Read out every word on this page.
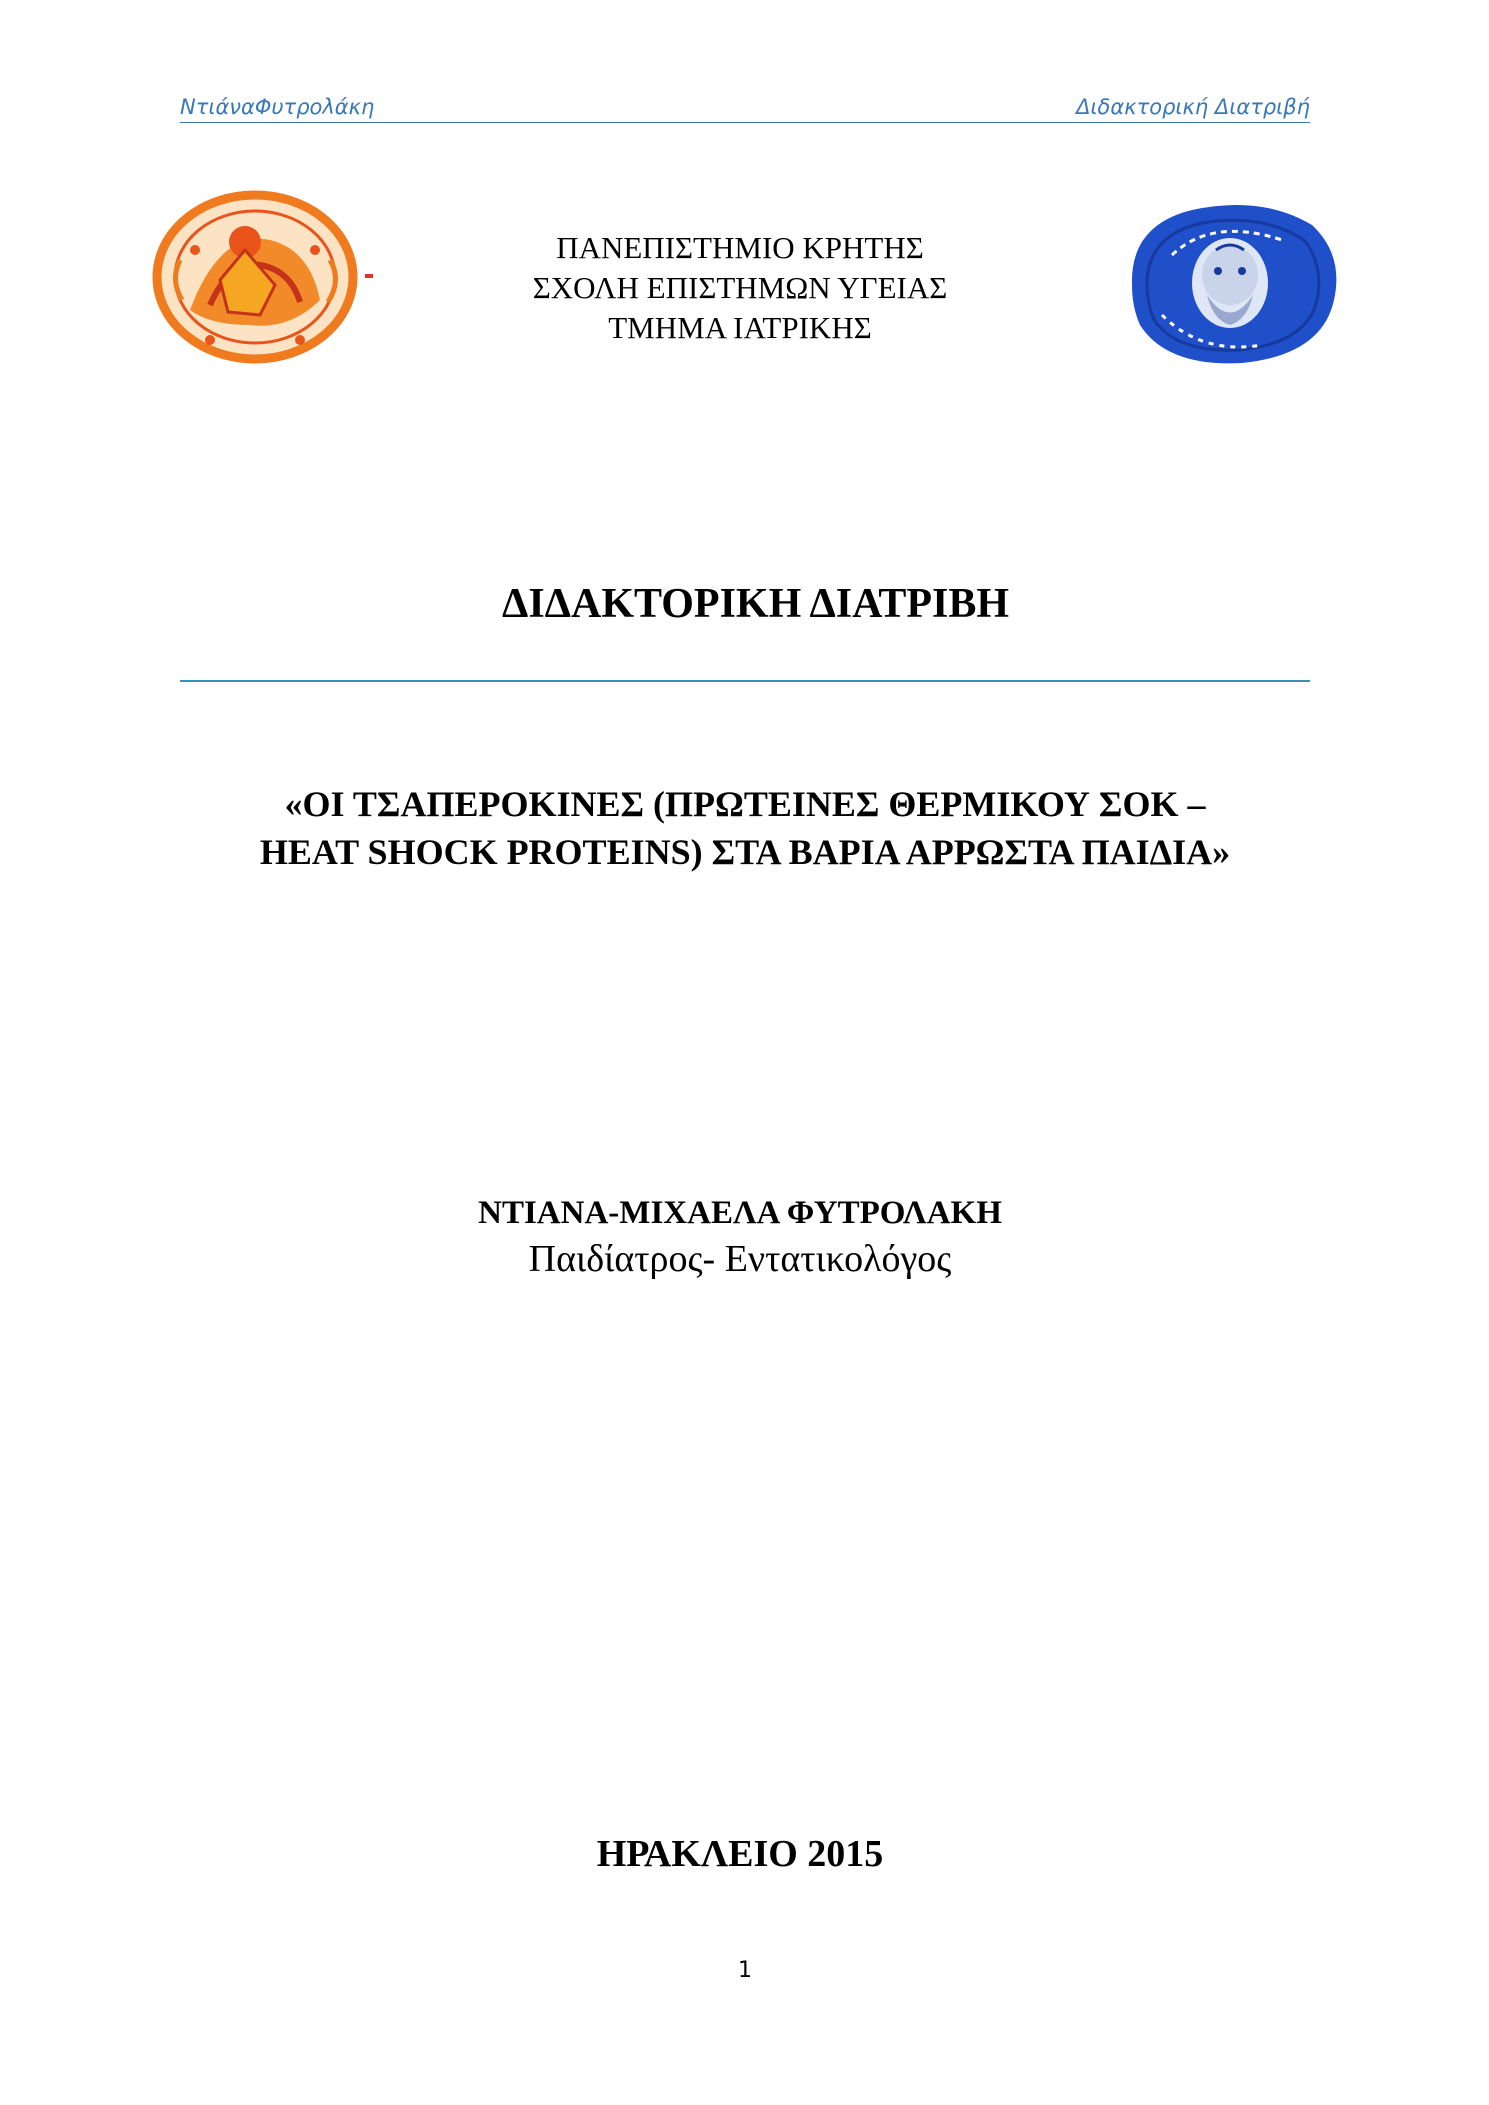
ΝτιάναΦυτρολάκη	Διδακτορική Διατριβή
ΠΑΝΕΠΙΣΤΗΜΙΟ ΚΡΗΤΗΣ
ΣΧΟΛΗ ΕΠΙΣΤΗΜΩΝ ΥΓΕΙΑΣ
ΤΜΗΜΑ ΙΑΤΡΙΚΗΣ
ΔΙΔΑΚΤΟΡΙΚΗ ΔΙΑΤΡΙΒΗ
«ΟΙ ΤΣΑΠΕΡΟΚΙΝΕΣ (ΠΡΩΤΕΙΝΕΣ ΘΕΡΜΙΚΟΥ ΣΟΚ –
HEAT SHOCK PROTEINS) ΣΤΑ ΒΑΡΙΑ ΑΡΡΩΣΤΑ ΠΑΙΔΙΑ»
ΝΤΙΑΝΑ-ΜΙΧΑΕΛΑ ΦΥΤΡΟΛΑΚΗ
Παιδίατρος- Εντατικολόγος
ΗΡΑΚΛΕΙΟ 2015
1
